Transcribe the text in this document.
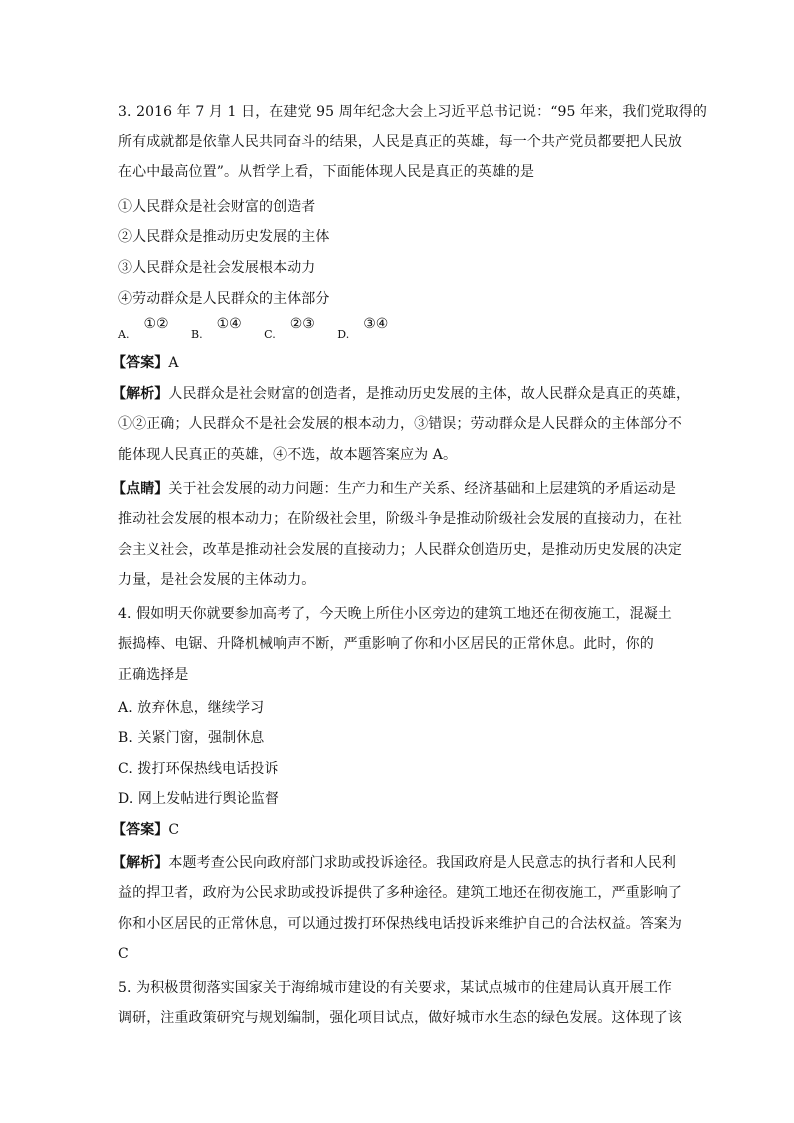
3. 2016 年 7 月 1 日，在建党 95 周年纪念大会上习近平总书记说：“95 年来，我们党取得的
所有成就都是依靠人民共同奋斗的结果，人民是真正的英雄，每一个共产党员都要把人民放
在心中最高位置”。从哲学上看，下面能体现人民是真正的英雄的是
①人民群众是社会财富的创造者
②人民群众是推动历史发展的主体
③人民群众是社会发展根本动力
④劳动群众是人民群众的主体部分
A.①② B.①④ C.②③ D.③④
【答案】A
【解析】人民群众是社会财富的创造者，是推动历史发展的主体，故人民群众是真正的英雄，
①②正确；人民群众不是社会发展的根本动力，③错误；劳动群众是人民群众的主体部分不
能体现人民真正的英雄，④不选，故本题答案应为 A。
【点睛】关于社会发展的动力问题：生产力和生产关系、经济基础和上层建筑的矛盾运动是
推动社会发展的根本动力；在阶级社会里，阶级斗争是推动阶级社会发展的直接动力，在社
会主义社会，改革是推动社会发展的直接动力；人民群众创造历史，是推动历史发展的决定
力量，是社会发展的主体动力。
4. 假如明天你就要参加高考了，今天晚上所住小区旁边的建筑工地还在彻夜施工，混凝土
振捣棒、电锯、升降机械响声不断，严重影响了你和小区居民的正常休息。此时，你的
正确选择是
A. 放弃休息，继续学习
B. 关紧门窗，强制休息
C. 拨打环保热线电话投诉
D. 网上发帖进行舆论监督
【答案】C
【解析】本题考查公民向政府部门求助或投诉途径。我国政府是人民意志的执行者和人民利
益的捍卫者，政府为公民求助或投诉提供了多种途径。建筑工地还在彻夜施工，严重影响了
你和小区居民的正常休息，可以通过拨打环保热线电话投诉来维护自己的合法权益。答案为
C
5. 为积极贯彻落实国家关于海绵城市建设的有关要求，某试点城市的住建局认真开展工作
调研，注重政策研究与规划编制，强化项目试点，做好城市水生态的绿色发展。这体现了该
